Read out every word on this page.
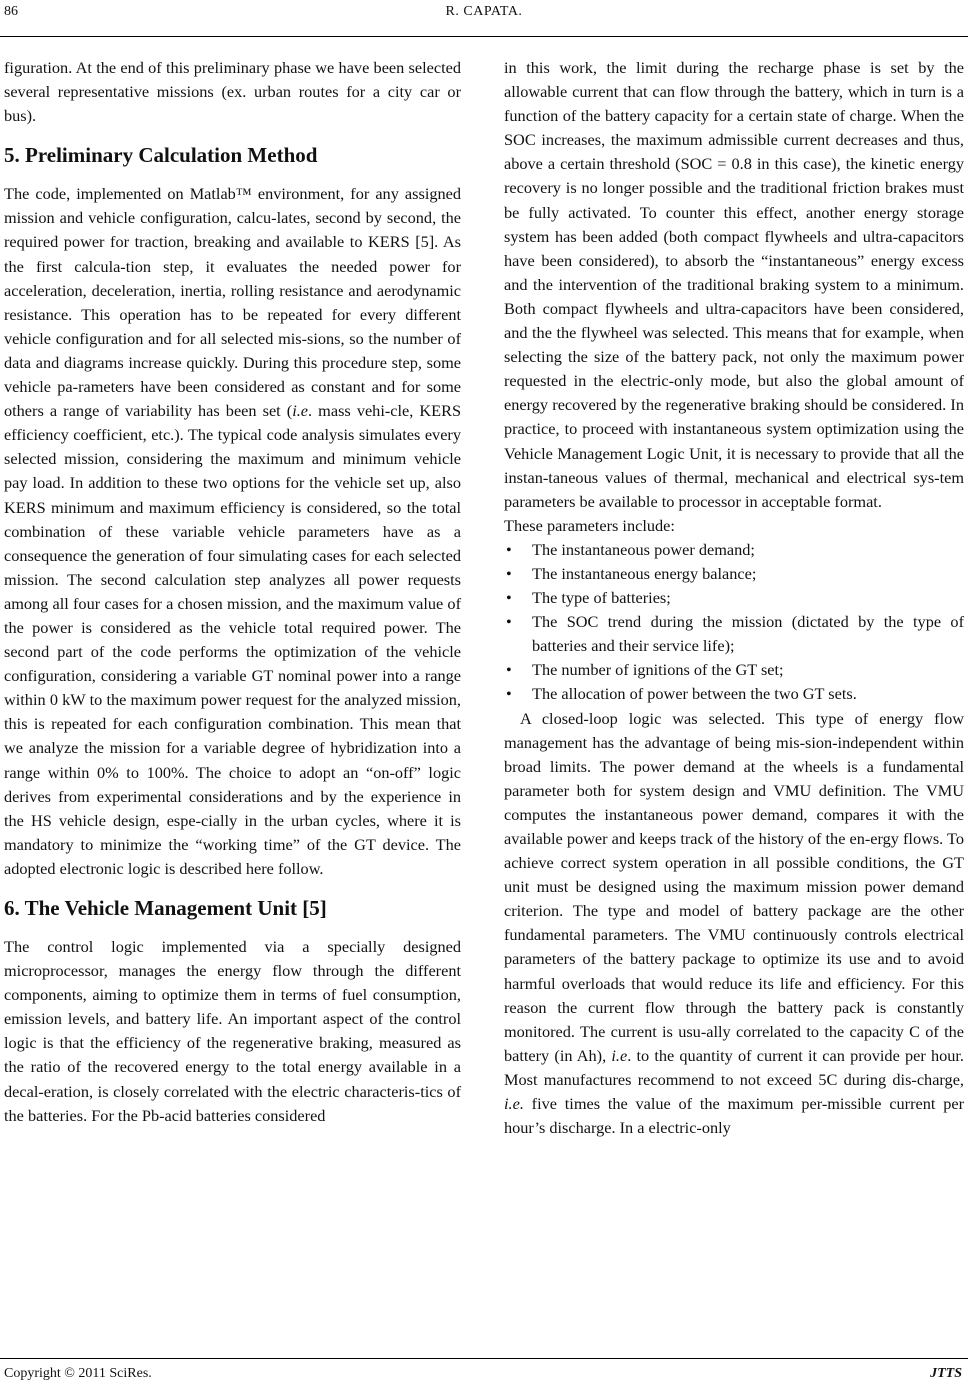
86	R. CAPATA.

figuration. At the end of this preliminary phase we have been selected several representative missions (ex. urban routes for a city car or bus).

5. Preliminary Calculation Method

The code, implemented on Matlab™ environment, for any assigned mission and vehicle configuration, calcu-lates, second by second, the required power for traction, breaking and available to KERS [5]. As the first calcula-tion step, it evaluates the needed power for acceleration, deceleration, inertia, rolling resistance and aerodynamic resistance. This operation has to be repeated for every different vehicle configuration and for all selected mis-sions, so the number of data and diagrams increase quickly. During this procedure step, some vehicle pa-rameters have been considered as constant and for some others a range of variability has been set (i.e. mass vehi-cle, KERS efficiency coefficient, etc.). The typical code analysis simulates every selected mission, considering the maximum and minimum vehicle pay load. In addition to these two options for the vehicle set up, also KERS minimum and maximum efficiency is considered, so the total combination of these variable vehicle parameters have as a consequence the generation of four simulating cases for each selected mission. The second calculation step analyzes all power requests among all four cases for a chosen mission, and the maximum value of the power is considered as the vehicle total required power. The second part of the code performs the optimization of the vehicle configuration, considering a variable GT nominal power into a range within 0 kW to the maximum power request for the analyzed mission, this is repeated for each configuration combination. This mean that we analyze the mission for a variable degree of hybridization into a range within 0% to 100%. The choice to adopt an “on-off” logic derives from experimental considerations and by the experience in the HS vehicle design, espe-cially in the urban cycles, where it is mandatory to minimize the “working time” of the GT device. The adopted electronic logic is described here follow.

6. The Vehicle Management Unit [5]

The control logic implemented via a specially designed microprocessor, manages the energy flow through the different components, aiming to optimize them in terms of fuel consumption, emission levels, and battery life. An important aspect of the control logic is that the efficiency of the regenerative braking, measured as the ratio of the recovered energy to the total energy available in a decal-eration, is closely correlated with the electric characteris-tics of the batteries. For the Pb-acid batteries considered

in this work, the limit during the recharge phase is set by the allowable current that can flow through the battery, which in turn is a function of the battery capacity for a certain state of charge. When the SOC increases, the maximum admissible current decreases and thus, above a certain threshold (SOC = 0.8 in this case), the kinetic energy recovery is no longer possible and the traditional friction brakes must be fully activated. To counter this effect, another energy storage system has been added (both compact flywheels and ultra-capacitors have been considered), to absorb the “instantaneous” energy excess and the intervention of the traditional braking system to a minimum. Both compact flywheels and ultra-capacitors have been considered, and the the flywheel was selected. This means that for example, when selecting the size of the battery pack, not only the maximum power requested in the electric-only mode, but also the global amount of energy recovered by the regenerative braking should be considered. In practice, to proceed with instantaneous system optimization using the Vehicle Management Logic Unit, it is necessary to provide that all the instan-taneous values of thermal, mechanical and electrical sys-tem parameters be available to processor in acceptable format.

These parameters include:

• The instantaneous power demand;
• The instantaneous energy balance;
• The type of batteries;
• The SOC trend during the mission (dictated by the type of batteries and their service life);
• The number of ignitions of the GT set;
• The allocation of power between the two GT sets.

A closed-loop logic was selected. This type of energy flow management has the advantage of being mis-sion-independent within broad limits. The power demand at the wheels is a fundamental parameter both for system design and VMU definition. The VMU computes the instantaneous power demand, compares it with the available power and keeps track of the history of the en-ergy flows. To achieve correct system operation in all possible conditions, the GT unit must be designed using the maximum mission power demand criterion. The type and model of battery package are the other fundamental parameters. The VMU continuously controls electrical parameters of the battery package to optimize its use and to avoid harmful overloads that would reduce its life and efficiency. For this reason the current flow through the battery pack is constantly monitored. The current is usu-ally correlated to the capacity C of the battery (in Ah), i.e. to the quantity of current it can provide per hour. Most manufactures recommend to not exceed 5C during dis-charge, i.e. five times the value of the maximum per-missible current per hour’s discharge. In a electric-only

Copyright © 2011 SciRes.	JTTS
